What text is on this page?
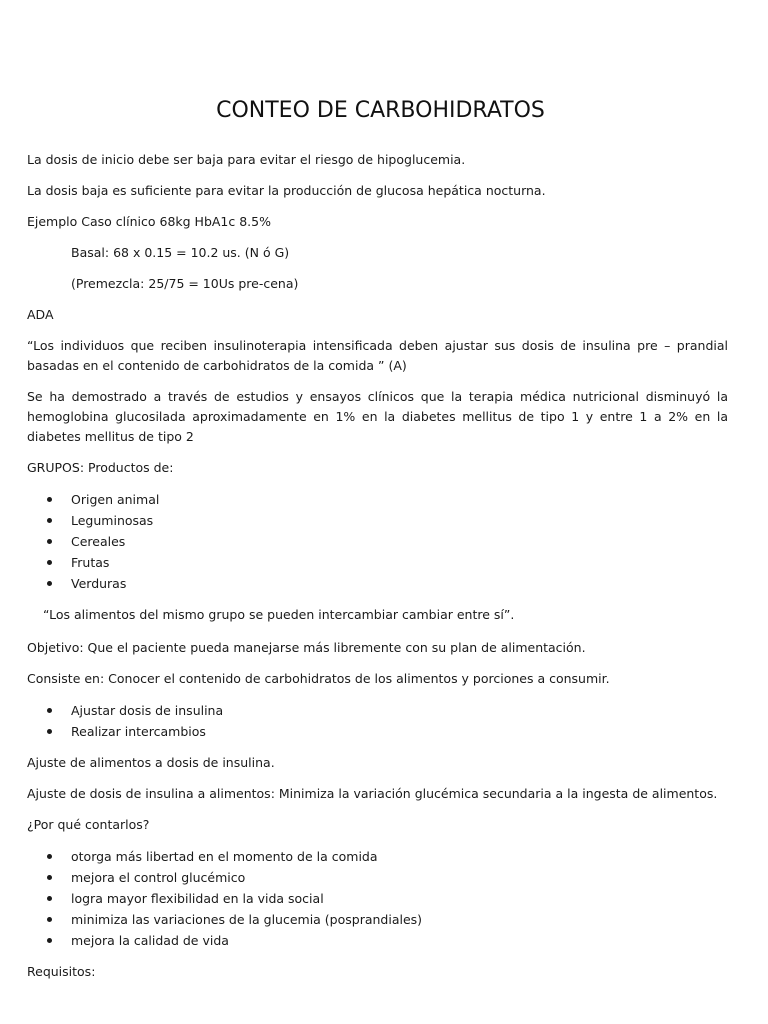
CONTEO DE CARBOHIDRATOS

La dosis de inicio debe ser baja para evitar el riesgo de hipoglucemia.

La dosis baja es suficiente para evitar la producción de glucosa hepática nocturna.

Ejemplo Caso clínico 68kg HbA1c 8.5%

Basal: 68 x 0.15 = 10.2 us. (N ó G)

(Premezcla: 25/75 = 10Us pre-cena)

ADA

“Los individuos que reciben insulinoterapia intensificada deben ajustar sus dosis de insulina pre – prandial basadas en el contenido de carbohidratos de la comida ” (A)

Se ha demostrado a través de estudios y ensayos clínicos que la terapia médica nutricional disminuyó la hemoglobina glucosilada aproximadamente en 1% en la diabetes mellitus de tipo 1 y entre 1 a 2% en la diabetes mellitus de tipo 2

GRUPOS: Productos de:

Origen animal
Leguminosas
Cereales
Frutas
Verduras

“Los alimentos del mismo grupo se pueden intercambiar cambiar entre sí”.

Objetivo: Que el paciente pueda manejarse más libremente con su plan de alimentación.

Consiste en: Conocer el contenido de carbohidratos de los alimentos y porciones a consumir.

Ajustar dosis de insulina
Realizar intercambios

Ajuste de alimentos a dosis de insulina.

Ajuste de dosis de insulina a alimentos: Minimiza la variación glucémica secundaria a la ingesta de alimentos.

¿Por qué contarlos?

otorga más libertad en el momento de la comida
mejora el control glucémico
logra mayor flexibilidad en la vida social
minimiza las variaciones de la glucemia (posprandiales)
mejora la calidad de vida

Requisitos:
